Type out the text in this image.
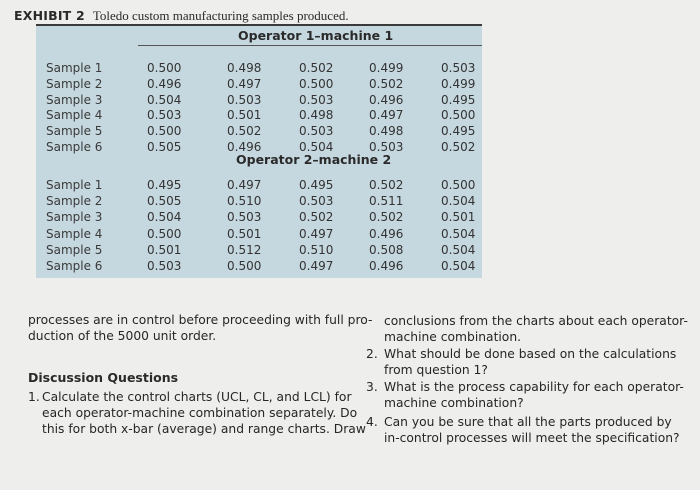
EXHIBIT 2 Toledo custom manufacturing samples produced.
Operator 1–machine 1
Operator 2–machine 2
Sample 1	0.500	0.498	0.502	0.499	0.503
Sample 2	0.496	0.497	0.500	0.502	0.499
Sample 3	0.504	0.503	0.503	0.496	0.495
Sample 4	0.503	0.501	0.498	0.497	0.500
Sample 5	0.500	0.502	0.503	0.498	0.495
Sample 6	0.505	0.496	0.504	0.503	0.502
Sample 1	0.495	0.497	0.495	0.502	0.500
Sample 2	0.505	0.510	0.503	0.511	0.504
Sample 3	0.504	0.503	0.502	0.502	0.501
Sample 4	0.500	0.501	0.497	0.496	0.504
Sample 5	0.501	0.512	0.510	0.508	0.504
Sample 6	0.503	0.500	0.497	0.496	0.504
processes are in control before proceeding with full pro-
duction of the 5000 unit order.
Discussion Questions
1. Calculate the control charts (UCL, CL, and LCL) for
each operator-machine combination separately. Do
this for both x-bar (average) and range charts. Draw
conclusions from the charts about each operator-
machine combination.
2. What should be done based on the calculations
from question 1?
3. What is the process capability for each operator-
machine combination?
4. Can you be sure that all the parts produced by
in-control processes will meet the specification?
